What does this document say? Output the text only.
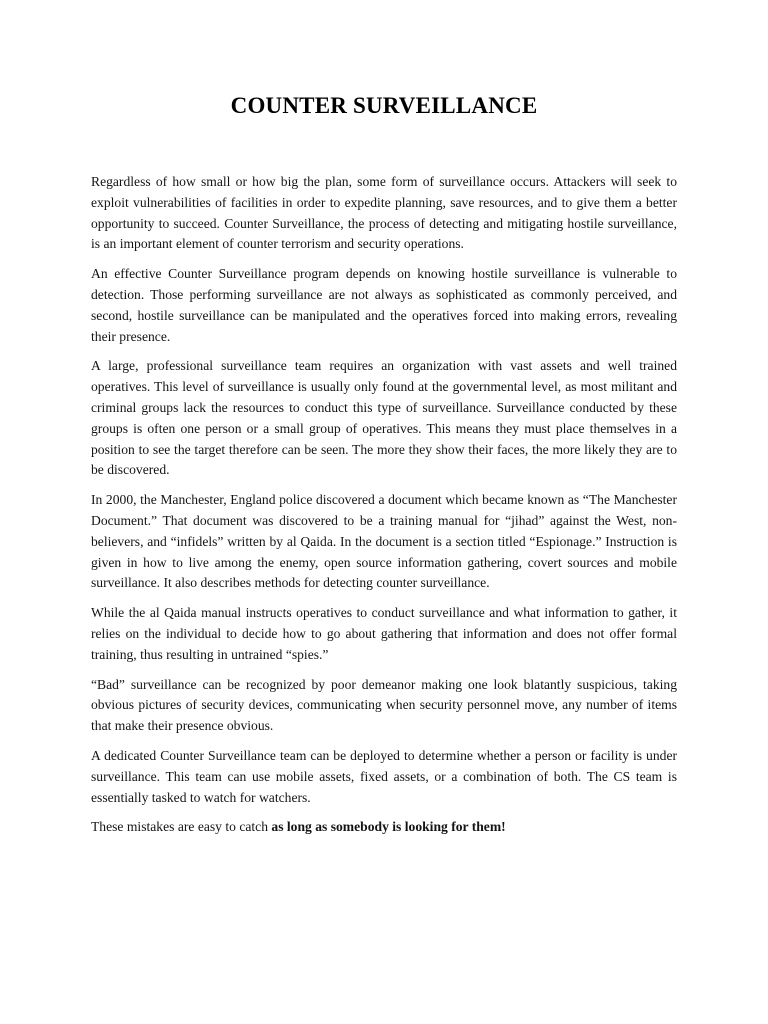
COUNTER SURVEILLANCE

Regardless of how small or how big the plan, some form of surveillance occurs. Attackers will seek to exploit vulnerabilities of facilities in order to expedite planning, save resources, and to give them a better opportunity to succeed. Counter Surveillance, the process of detecting and mitigating hostile surveillance, is an important element of counter terrorism and security operations.

An effective Counter Surveillance program depends on knowing hostile surveillance is vulnerable to detection. Those performing surveillance are not always as sophisticated as commonly perceived, and second, hostile surveillance can be manipulated and the operatives forced into making errors, revealing their presence.

A large, professional surveillance team requires an organization with vast assets and well trained operatives. This level of surveillance is usually only found at the governmental level, as most militant and criminal groups lack the resources to conduct this type of surveillance. Surveillance conducted by these groups is often one person or a small group of operatives. This means they must place themselves in a position to see the target therefore can be seen. The more they show their faces, the more likely they are to be discovered.

In 2000, the Manchester, England police discovered a document which became known as “The Manchester Document.” That document was discovered to be a training manual for “jihad” against the West, non-believers, and “infidels” written by al Qaida. In the document is a section titled “Espionage.” Instruction is given in how to live among the enemy, open source information gathering, covert sources and mobile surveillance. It also describes methods for detecting counter surveillance.

While the al Qaida manual instructs operatives to conduct surveillance and what information to gather, it relies on the individual to decide how to go about gathering that information and does not offer formal training, thus resulting in untrained “spies.”

“Bad” surveillance can be recognized by poor demeanor making one look blatantly suspicious, taking obvious pictures of security devices, communicating when security personnel move, any number of items that make their presence obvious.

A dedicated Counter Surveillance team can be deployed to determine whether a person or facility is under surveillance. This team can use mobile assets, fixed assets, or a combination of both. The CS team is essentially tasked to watch for watchers.

These mistakes are easy to catch as long as somebody is looking for them!
